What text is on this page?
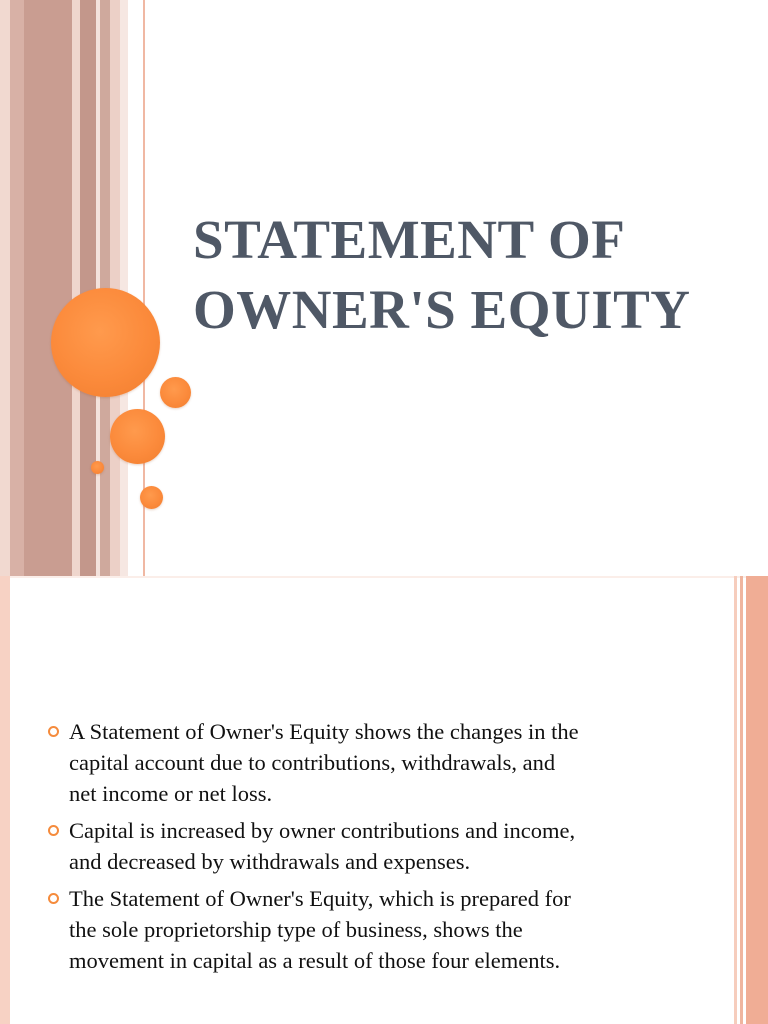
STATEMENT OF
OWNER'S EQUITY
A Statement of Owner's Equity shows the changes in the
capital account due to contributions, withdrawals, and
net income or net loss.
Capital is increased by owner contributions and income,
and decreased by withdrawals and expenses.
The Statement of Owner's Equity, which is prepared for
the sole proprietorship type of business, shows the
movement in capital as a result of those four elements.
